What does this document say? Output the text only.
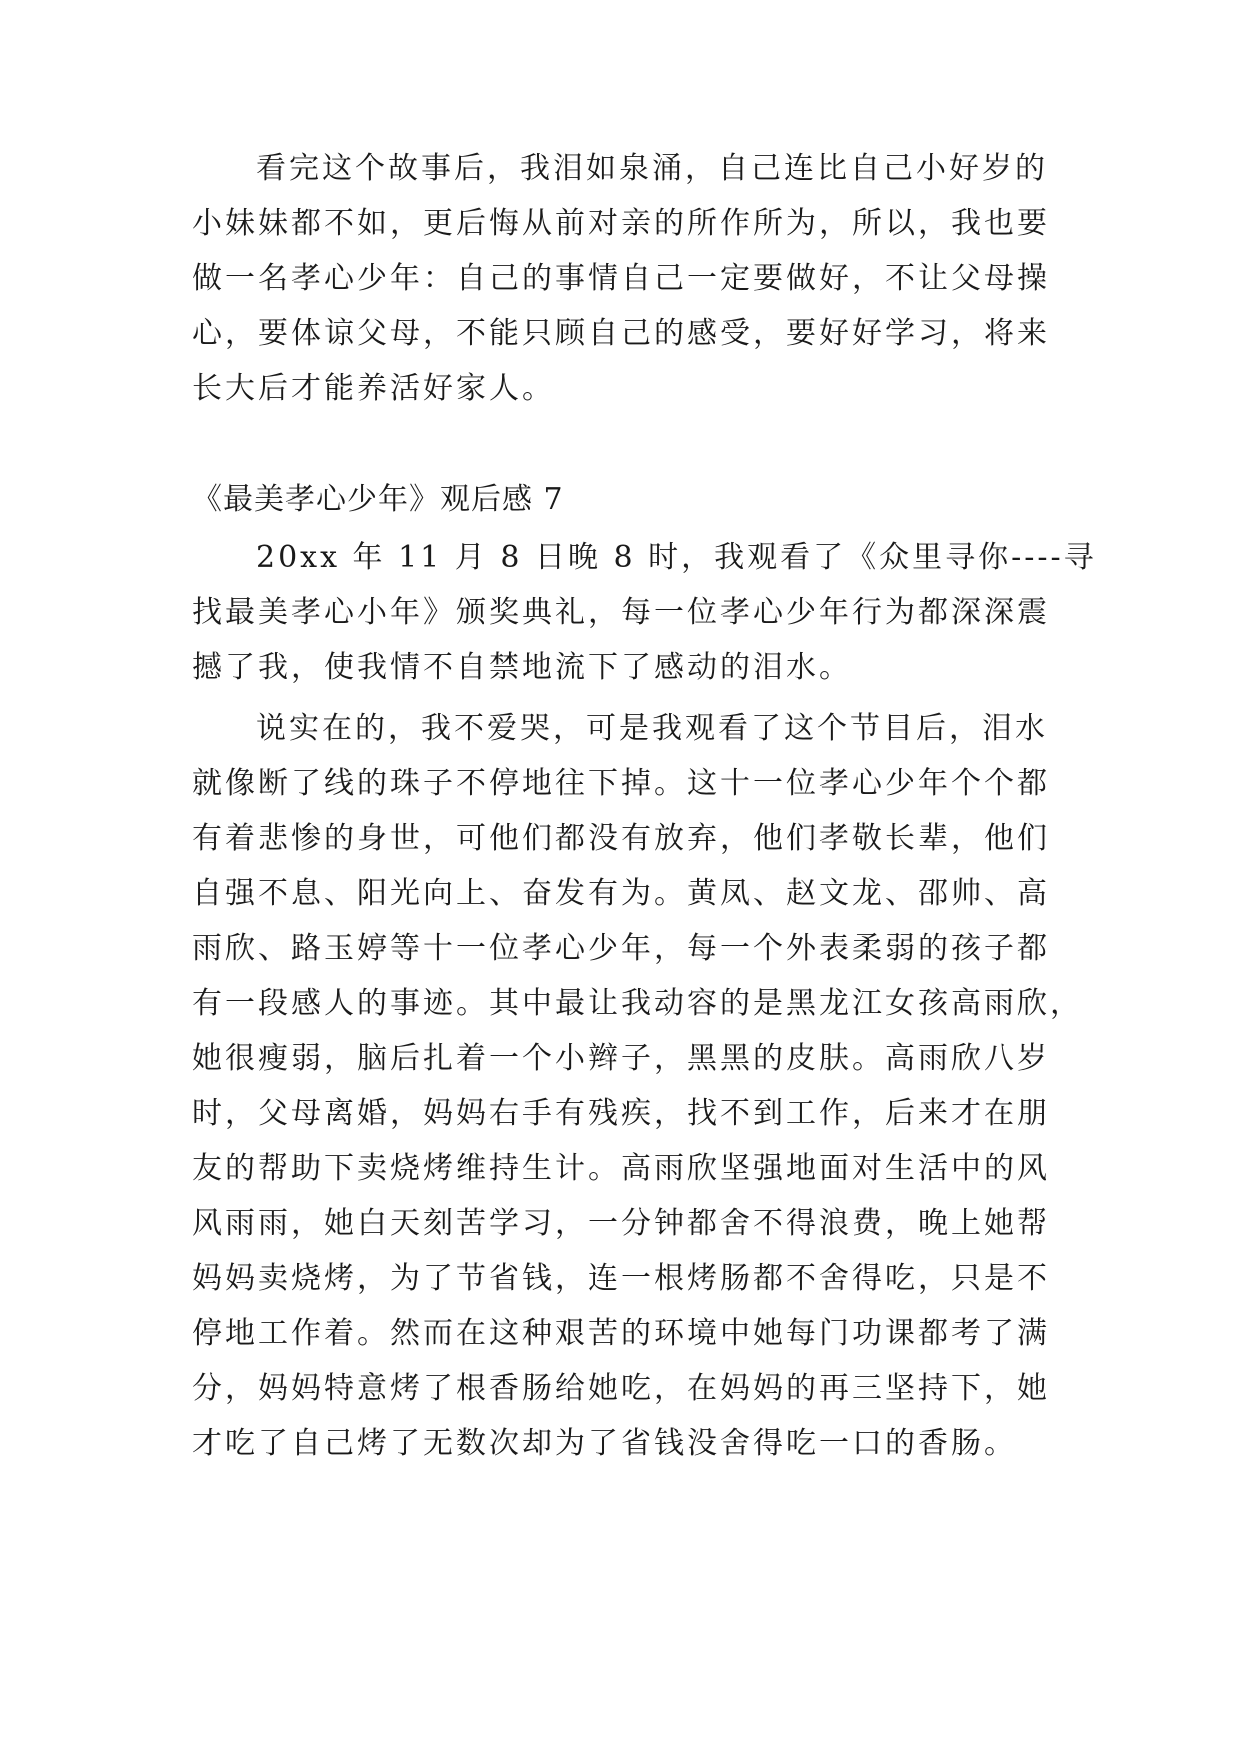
看完这个故事后，我泪如泉涌，自己连比自己小好岁的
小妹妹都不如，更后悔从前对亲的所作所为，所以，我也要
做一名孝心少年：自己的事情自己一定要做好，不让父母操
心，要体谅父母，不能只顾自己的感受，要好好学习，将来
长大后才能养活好家人。
《最美孝心少年》观后感 7
20xx 年 11 月 8 日晚 8 时，我观看了《众里寻你----寻
找最美孝心小年》颁奖典礼，每一位孝心少年行为都深深震
撼了我，使我情不自禁地流下了感动的泪水。
说实在的，我不爱哭，可是我观看了这个节目后，泪水
就像断了线的珠子不停地往下掉。这十一位孝心少年个个都
有着悲惨的身世，可他们都没有放弃，他们孝敬长辈，他们
自强不息、阳光向上、奋发有为。黄凤、赵文龙、邵帅、高
雨欣、路玉婷等十一位孝心少年，每一个外表柔弱的孩子都
有一段感人的事迹。其中最让我动容的是黑龙江女孩高雨欣，
她很瘦弱，脑后扎着一个小辫子，黑黑的皮肤。高雨欣八岁
时，父母离婚，妈妈右手有残疾，找不到工作，后来才在朋
友的帮助下卖烧烤维持生计。高雨欣坚强地面对生活中的风
风雨雨，她白天刻苦学习，一分钟都舍不得浪费，晚上她帮
妈妈卖烧烤，为了节省钱，连一根烤肠都不舍得吃，只是不
停地工作着。然而在这种艰苦的环境中她每门功课都考了满
分，妈妈特意烤了根香肠给她吃，在妈妈的再三坚持下，她
才吃了自己烤了无数次却为了省钱没舍得吃一口的香肠。
